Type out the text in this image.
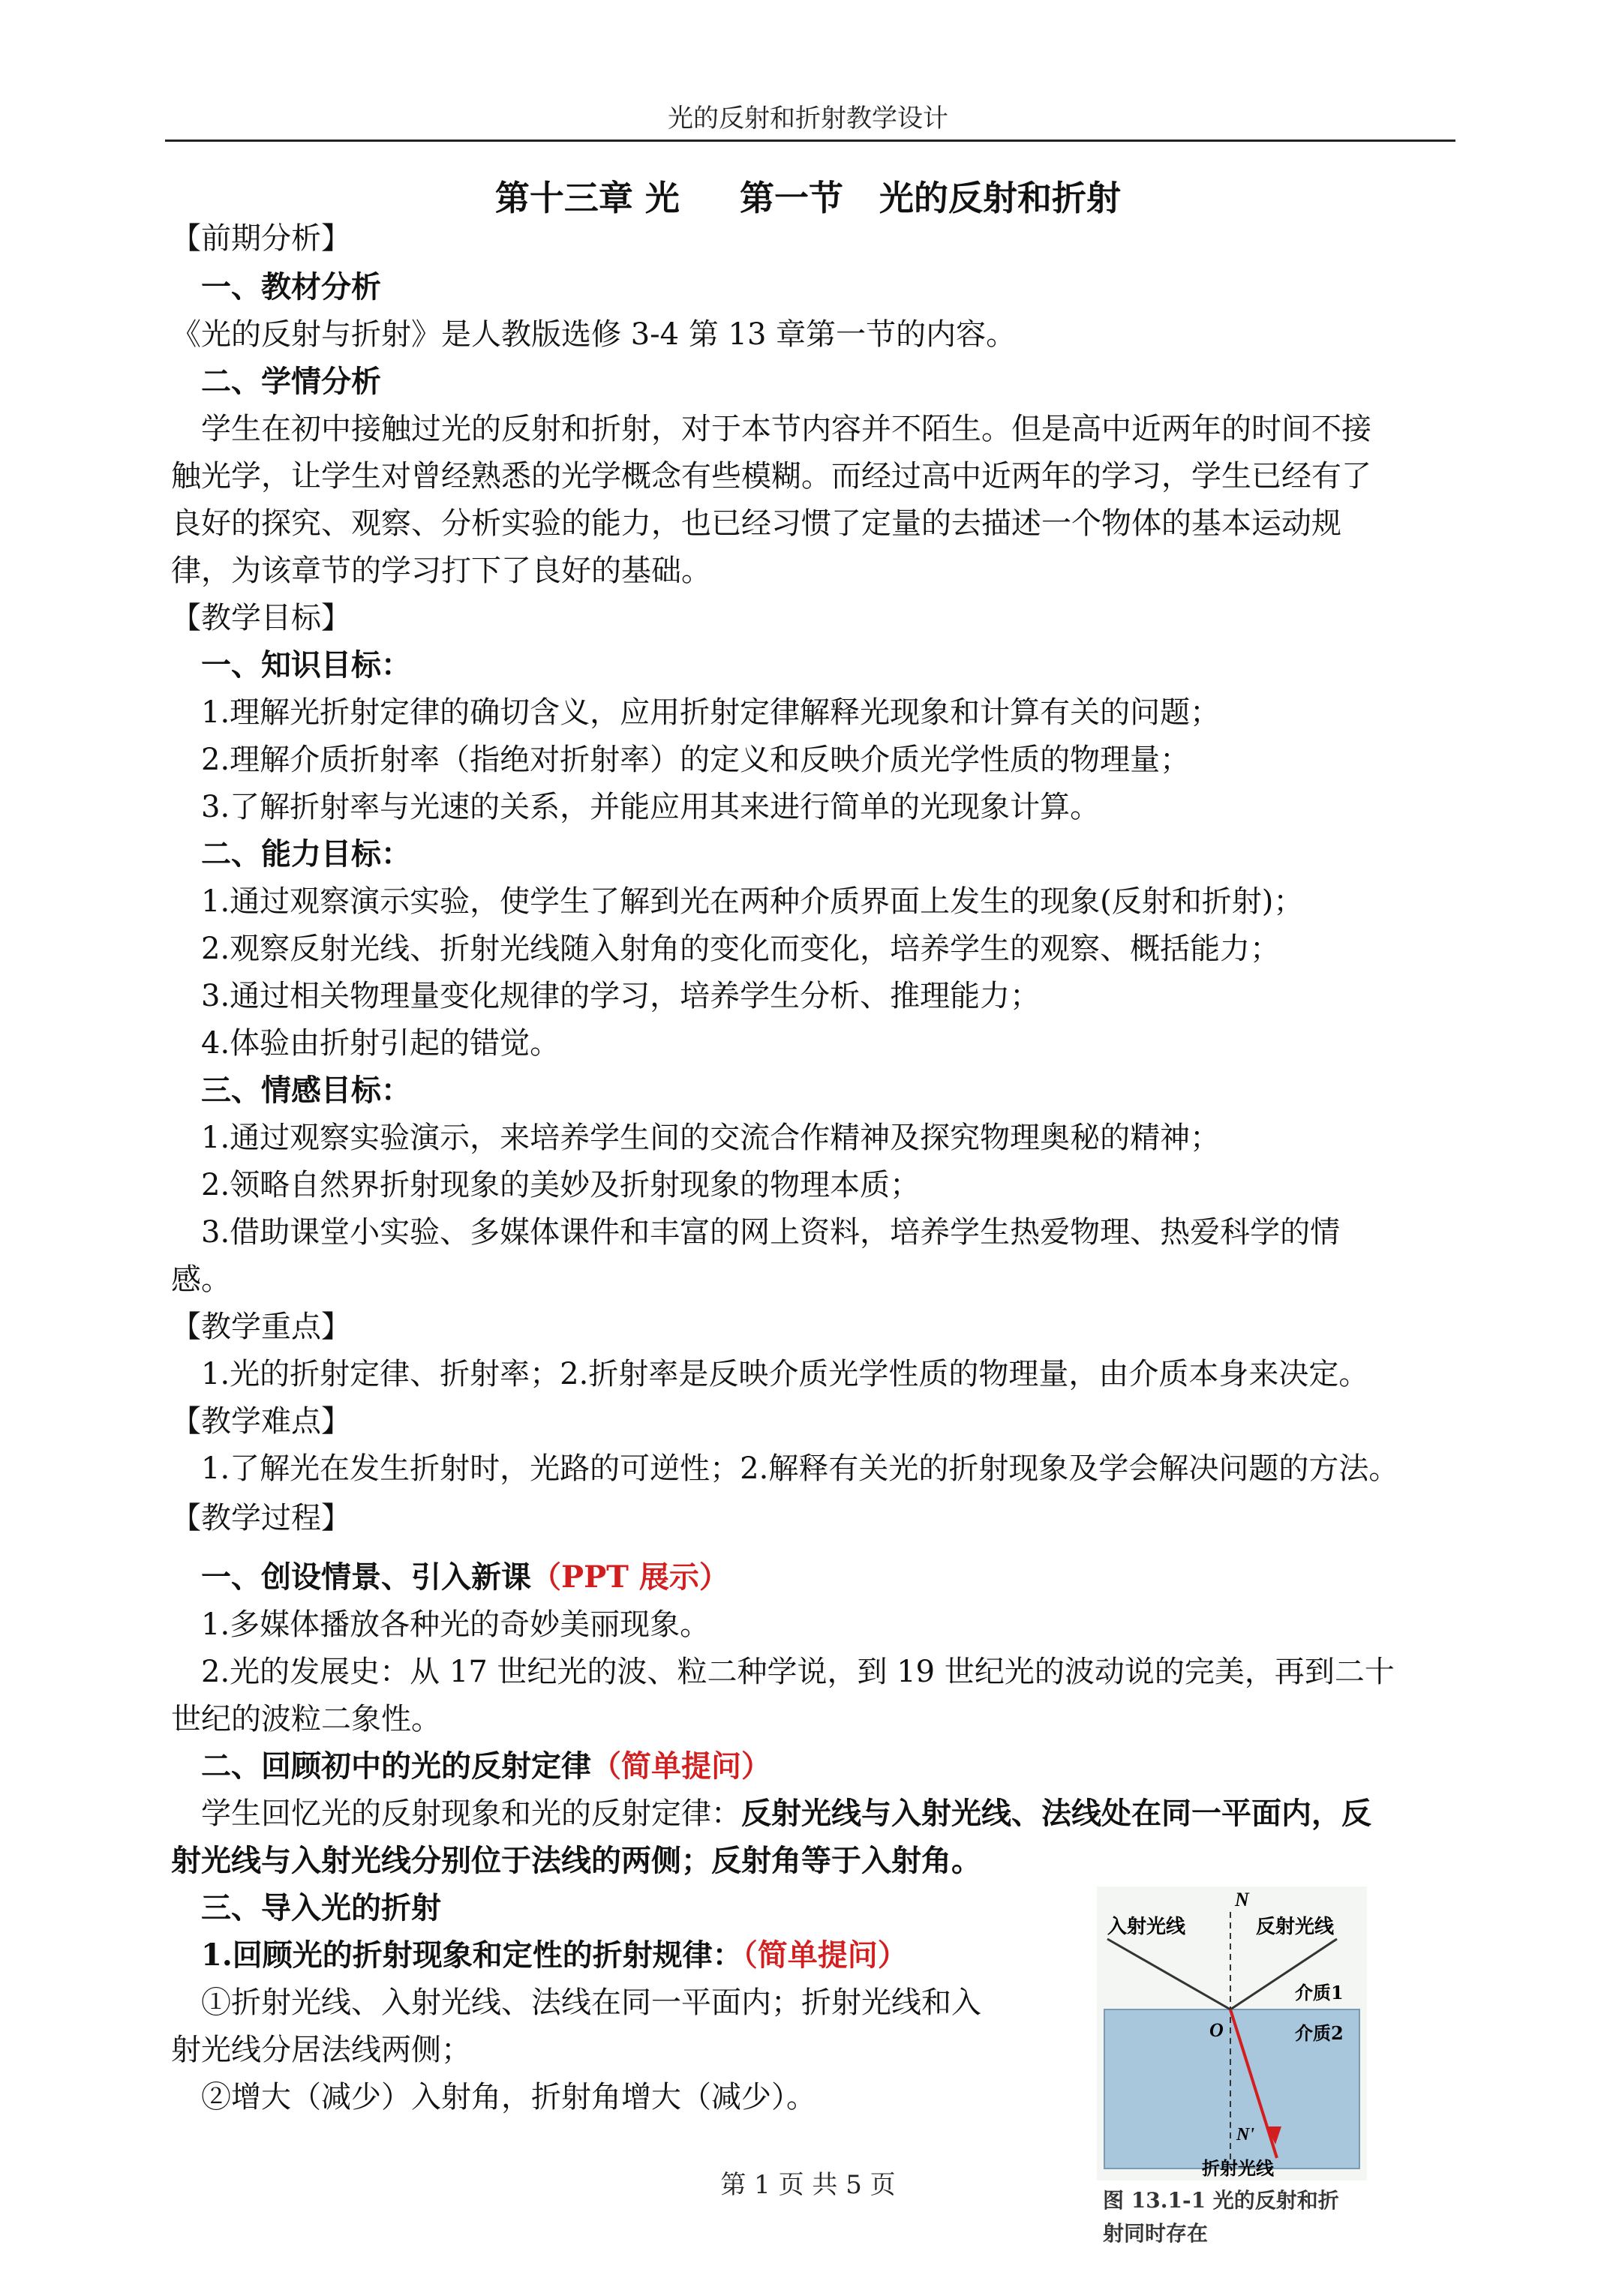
光的反射和折射教学设计
第十三章 光     第一节   光的反射和折射
【前期分析】
一、教材分析
《光的反射与折射》是人教版选修 3-4 第 13 章第一节的内容。
二、学情分析
学生在初中接触过光的反射和折射，对于本节内容并不陌生。但是高中近两年的时间不接
触光学，让学生对曾经熟悉的光学概念有些模糊。而经过高中近两年的学习，学生已经有了
良好的探究、观察、分析实验的能力，也已经习惯了定量的去描述一个物体的基本运动规
律，为该章节的学习打下了良好的基础。
【教学目标】
一、知识目标：
1.理解光折射定律的确切含义，应用折射定律解释光现象和计算有关的问题；
2.理解介质折射率（指绝对折射率）的定义和反映介质光学性质的物理量；
3.了解折射率与光速的关系，并能应用其来进行简单的光现象计算。
二、能力目标：
1.通过观察演示实验，使学生了解到光在两种介质界面上发生的现象(反射和折射)；
2.观察反射光线、折射光线随入射角的变化而变化，培养学生的观察、概括能力；
3.通过相关物理量变化规律的学习，培养学生分析、推理能力；
4.体验由折射引起的错觉。
三、情感目标：
1.通过观察实验演示，来培养学生间的交流合作精神及探究物理奥秘的精神；
2.领略自然界折射现象的美妙及折射现象的物理本质；
3.借助课堂小实验、多媒体课件和丰富的网上资料，培养学生热爱物理、热爱科学的情
感。
【教学重点】
1.光的折射定律、折射率；2.折射率是反映介质光学性质的物理量，由介质本身来决定。
【教学难点】
1.了解光在发生折射时，光路的可逆性；2.解释有关光的折射现象及学会解决问题的方法。
【教学过程】
一、创设情景、引入新课（PPT 展示）
1.多媒体播放各种光的奇妙美丽现象。
2.光的发展史：从 17 世纪光的波、粒二种学说，到 19 世纪光的波动说的完美，再到二十
世纪的波粒二象性。
二、回顾初中的光的反射定律（简单提问）
学生回忆光的反射现象和光的反射定律：反射光线与入射光线、法线处在同一平面内，反
射光线与入射光线分别位于法线的两侧；反射角等于入射角。
三、导入光的折射
1.回顾光的折射现象和定性的折射规律：（简单提问）
①折射光线、入射光线、法线在同一平面内；折射光线和入
射光线分居法线两侧；
②增大（减少）入射角，折射角增大（减少）。
N
入射光线	反射光线
介质1
O	介质2
N'
折射光线
图 13.1-1 光的反射和折
射同时存在
第 1 页 共 5 页
